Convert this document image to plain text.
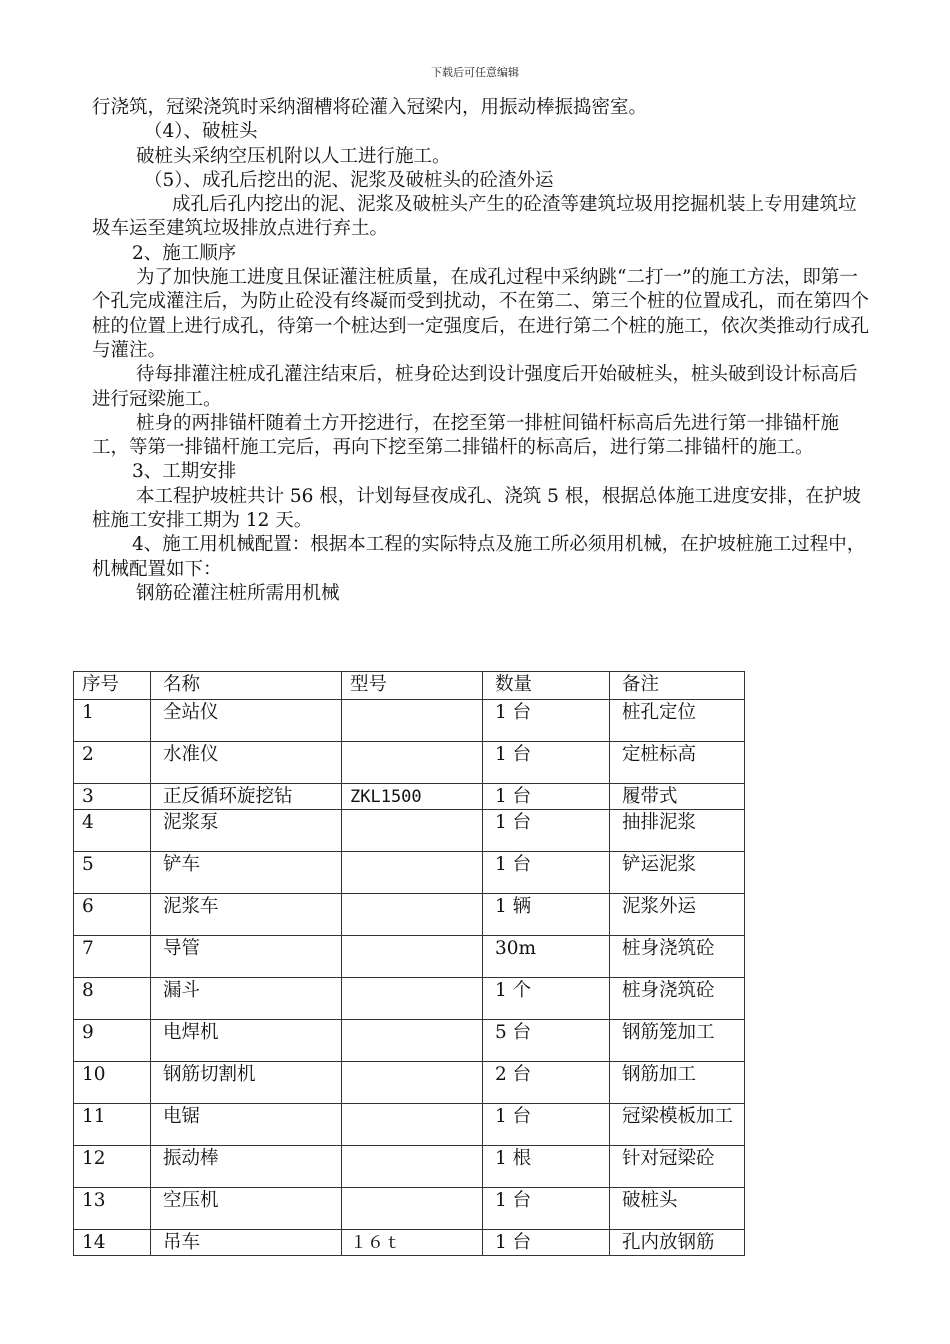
下载后可任意编辑

行浇筑，冠梁浇筑时采纳溜槽将砼灌入冠梁内，用振动棒振捣密室。

（4）、破桩头

破桩头采纳空压机附以人工进行施工。

（5）、成孔后挖出的泥、泥浆及破桩头的砼渣外运

成孔后孔内挖出的泥、泥浆及破桩头产生的砼渣等建筑垃圾用挖掘机装上专用建筑垃圾车运至建筑垃圾排放点进行弃土。

2、施工顺序

为了加快施工进度且保证灌注桩质量，在成孔过程中采纳跳“二打一”的施工方法，即第一个孔完成灌注后，为防止砼没有终凝而受到扰动，不在第二、第三个桩的位置成孔，而在第四个桩的位置上进行成孔，待第一个桩达到一定强度后，在进行第二个桩的施工，依次类推动行成孔与灌注。

待每排灌注桩成孔灌注结束后，桩身砼达到设计强度后开始破桩头，桩头破到设计标高后进行冠梁施工。

桩身的两排锚杆随着土方开挖进行，在挖至第一排桩间锚杆标高后先进行第一排锚杆施工，等第一排锚杆施工完后，再向下挖至第二排锚杆的标高后，进行第二排锚杆的施工。

3、工期安排

本工程护坡桩共计 56 根，计划每昼夜成孔、浇筑 5 根，根据总体施工进度安排，在护坡桩施工安排工期为 12 天。

4、施工用机械配置：根据本工程的实际特点及施工所必须用机械，在护坡桩施工过程中，机械配置如下：

钢筋砼灌注桩所需用机械

序号	名称	型号	数量	备注
1	全站仪		1 台	桩孔定位
2	水准仪		1 台	定桩标高
3	正反循环旋挖钻	ZKL1500	1 台	履带式
4	泥浆泵		1 台	抽排泥浆
5	铲车		1 台	铲运泥浆
6	泥浆车		1 辆	泥浆外运
7	导管		30m	桩身浇筑砼
8	漏斗		1 个	桩身浇筑砼
9	电焊机		5 台	钢筋笼加工
10	钢筋切割机		2 台	钢筋加工
11	电锯		1 台	冠梁模板加工
12	振动棒		1 根	针对冠梁砼
13	空压机		1 台	破桩头
14	吊车	１６ｔ	1 台	孔内放钢筋
